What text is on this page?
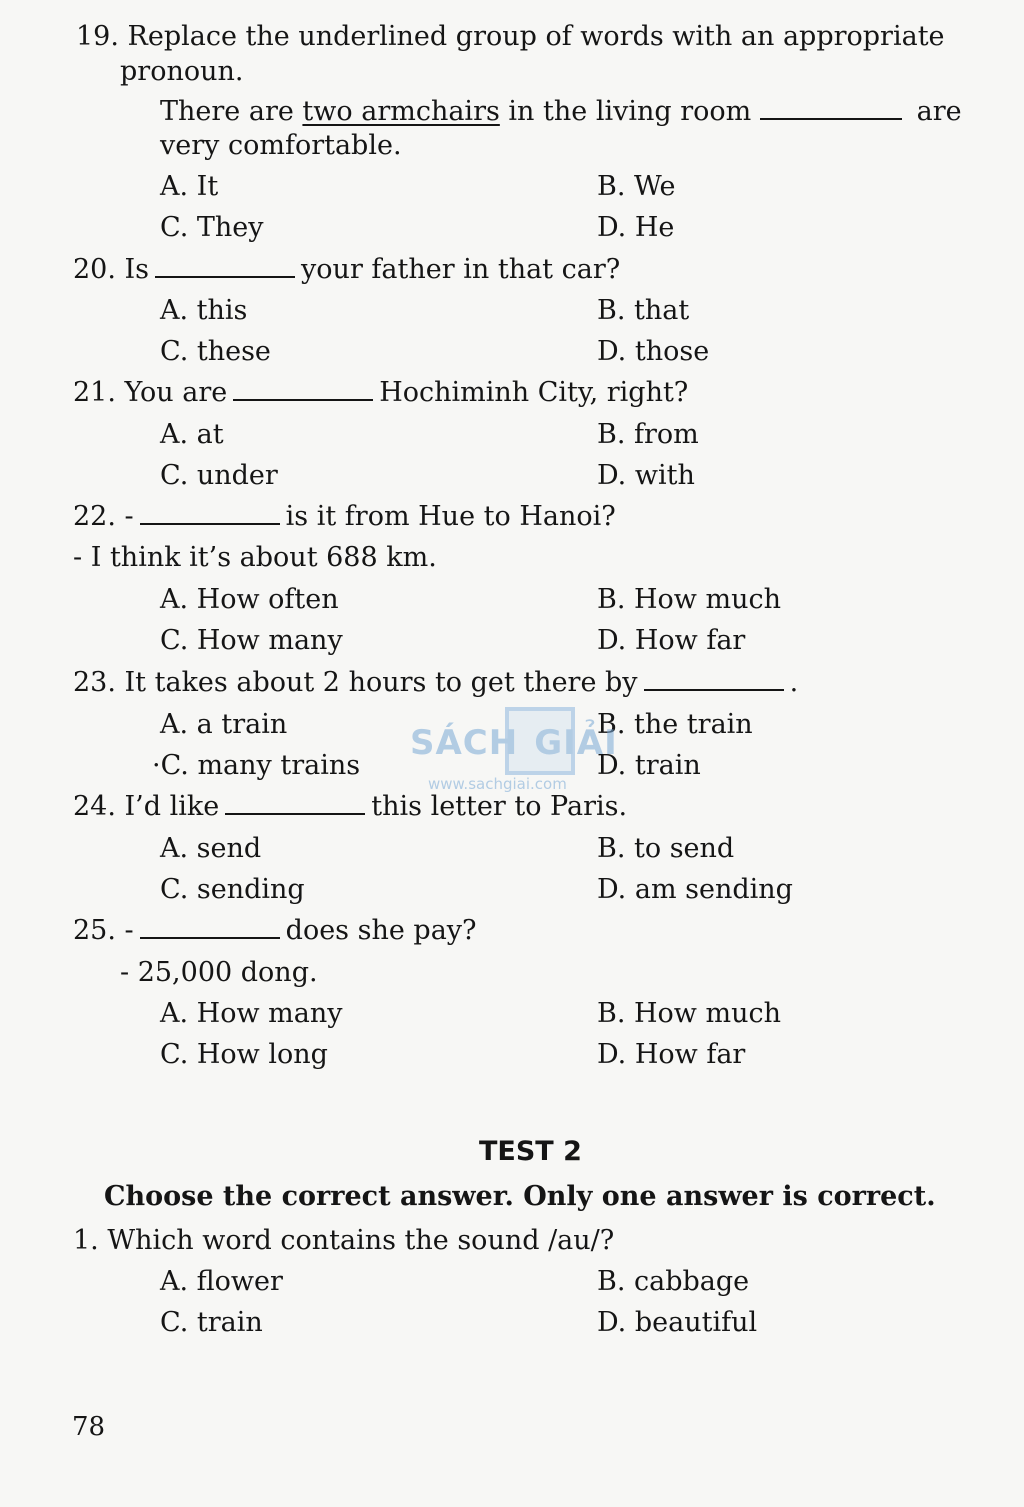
19. Replace the underlined group of words with an appropriate
pronoun.
There are two armchairs in the living room	are
very comfortable.
A. It	B. We
C. They	D. He
20. Is	your father in that car?
A. this	B. that
C. these	D. those
21. You are	Hochiminh City, right?
A. at	B. from
C. under	D. with
22. -	is it from Hue to Hanoi?
- I think it’s about 688 km.
A. How often	B. How much
C. How many	D. How far
23. It takes about 2 hours to get there by	.
A. a train	B. the train
·C. many trains	D. train
SÁCH GIẢI
www.sachgiai.com
24. I’d like	this letter to Paris.
A. send	B. to send
C. sending	D. am sending
25. -	does she pay?
- 25,000 dong.
A. How many	B. How much
C. How long	D. How far
TEST 2
Choose the correct answer. Only one answer is correct.
1. Which word contains the sound /au/?
A. flower	B. cabbage
C. train	D. beautiful
78
